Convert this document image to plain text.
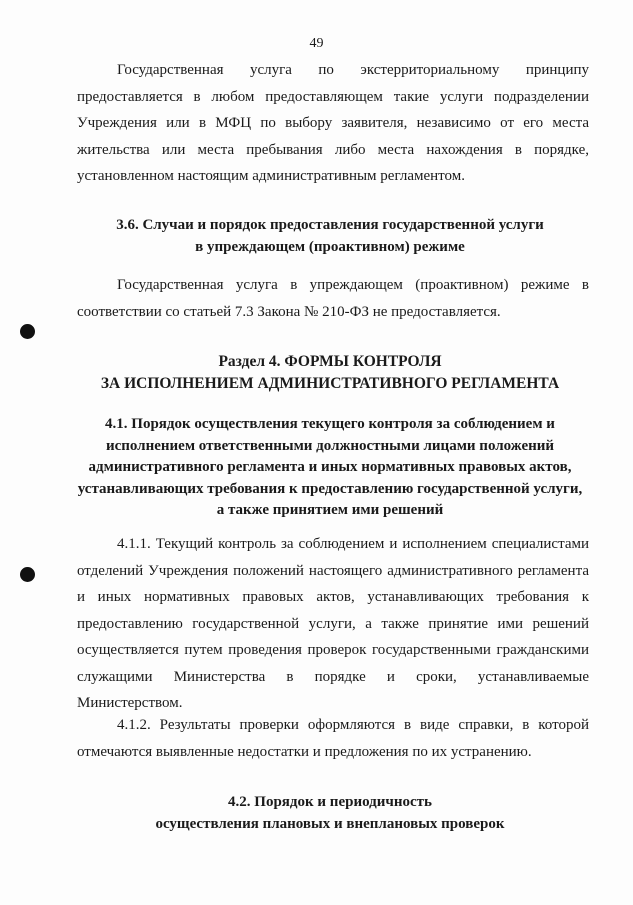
49

Государственная услуга по экстерриториальному принципу предоставляется в любом предоставляющем такие услуги подразделении Учреждения или в МФЦ по выбору заявителя, независимо от его места жительства или места пребывания либо места нахождения в порядке, установленном настоящим административным регламентом.

3.6. Случаи и порядок предоставления государственной услуги
в упреждающем (проактивном) режиме

Государственная услуга в упреждающем (проактивном) режиме в соответствии со статьей 7.3 Закона № 210-ФЗ не предоставляется.

Раздел 4. ФОРМЫ КОНТРОЛЯ
ЗА ИСПОЛНЕНИЕМ АДМИНИСТРАТИВНОГО РЕГЛАМЕНТА
4.1. Порядок осуществления текущего контроля за соблюдением и
исполнением ответственными должностными лицами положений
административного регламента и иных нормативных правовых актов,
устанавливающих требования к предоставлению государственной услуги,
а также принятием ими решений

4.1.1. Текущий контроль за соблюдением и исполнением специалистами отделений Учреждения положений настоящего административного регламента и иных нормативных правовых актов, устанавливающих требования к предоставлению государственной услуги, а также принятие ими решений осуществляется путем проведения проверок государственными гражданскими служащими Министерства в порядке и сроки, устанавливаемые Министерством.

4.1.2. Результаты проверки оформляются в виде справки, в которой отмечаются выявленные недостатки и предложения по их устранению.

4.2. Порядок и периодичность
осуществления плановых и внеплановых проверок
